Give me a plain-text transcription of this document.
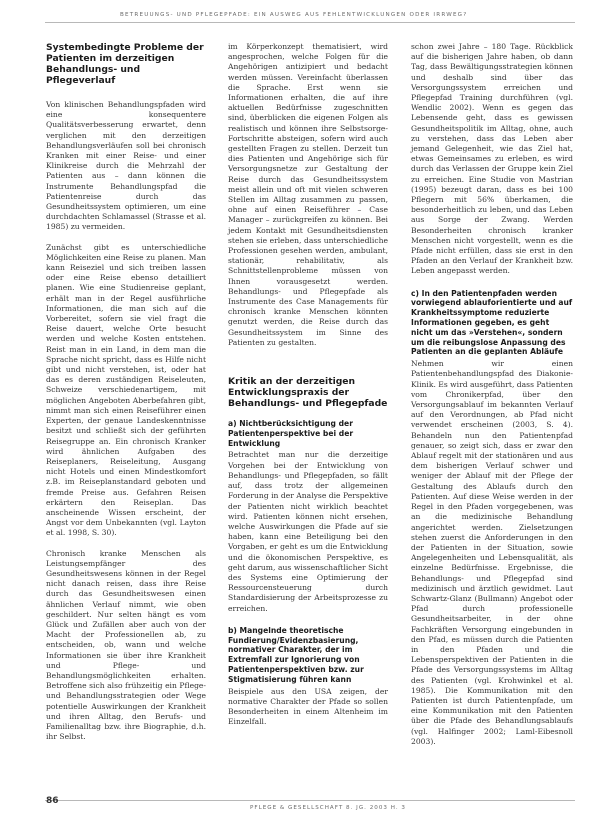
BETREUUNGS- UND PFLEGEPFADE: EIN AUSWEG AUS FEHLENTWICKLUNGEN ODER IRRWEG?
Systembedingte Probleme der Patienten im derzeitigen Behandlungs- und Pflegeverlauf

Von klinischen Behandlungspfaden wird eine konsequentere Qualitätsverbesserung erwartet, denn verglichen mit den derzeitigen Behandlungsverläufen soll bei chronisch Kranken mit einer Reise- und einer Klinikreise durch die Mehrzahl der Patienten aus – dann können die Instrumente Behandlungspfad die Patientenreise durch das Gesundheitssystem optimieren, um eine durchdachten Schlamassel (Strasse et al. 1985) zu vermeiden.

Zunächst gibt es unterschiedliche Möglichkeiten eine Reise zu planen. Man kann Reiseziel und sich treiben lassen oder eine Reise ebenso detailliert planen. Wie eine Studienreise geplant, erhält man in der Regel ausführliche Informationen, die man sich auf die Vorbereitet, sofern sie viel fragt die Reise dauert, welche Orte besucht werden und welche Kosten entstehen. Reist man in ein Land, in dem man die Sprache nicht spricht, dass es Hilfe nicht gibt und nicht verstehen, ist, oder hat das es deren zuständigen Reiseleuten, Schweize verschiedenartigem, mit möglichen Angeboten Aberbefahren gibt, nimmt man sich einen Reiseführer einen Experten, der genaue Landeskenntnisse besitzt und schließt sich der geführten Reisegruppe an. Ein chronisch Kranker wird ähnlichen Aufgaben des Reiseplaners, Reiseleitung, Ausgang nicht Hotels und einen Mindestkomfort z.B. im Reiseplanstandard geboten und fremde Preise aus. Gefahren Reisen erkärtern den Reiseplan. Das anscheinende Wissen erscheint, der Angst vor dem Unbekannten (vgl. Layton et al. 1998, S. 30).

Chronisch kranke Menschen als Leistungsempfänger des Gesundheitswesens können in der Regel nicht danach reisen, dass ihre Reise durch das Gesundheitswesen einen ähnlichen Verlauf nimmt, wie oben geschildert. Nur selten hängt es vom Glück und Zufällen aber auch von der Macht der Professionellen ab, zu entscheiden, ob, wann und welche Informationen sie über ihre Krankheit und Pflege- und Behandlungsmöglichkeiten erhalten. Betroffene sich also frühzeitig ein Pflege- und Behandlungsstrategien oder Wege potentielle Auswirkungen der Krankheit und ihren Alltag, den Berufs- und Familienalltag bzw. ihre Biographie, d.h. ihr Selbst.

im Körperkonzept thematisiert, wird angesprochen, welche Folgen für die Angehörigen antizipiert und bedacht werden müssen. Vereinfacht überlassen die Sprache. Erst wenn sie Informationen erhalten, die auf ihre aktuellen Bedürfnisse zugeschnitten sind, überblicken die eigenen Folgen als realistisch und können ihre Selbstsorge-Fortschritte absteigen, sofern wird auch gestellten Fragen zu stellen. Derzeit tun dies Patienten und Angehörige sich für Versorgungsnetze zur Gestaltung der Reise durch das Gesundheitssystem meist allein und oft mit vielen schweren Stellen im Alltag zusammen zu passen, ohne auf einen Reiseführer – Case Manager – zurückgreifen zu können. Bei jedem Kontakt mit Gesundheitsdiensten stehen sie erleben, dass unterschiedliche Professionen gesehen werden, ambulant, stationär, rehabilitativ, als Schnittstellenprobleme müssen von Ihnen vorausgesetzt werden. Behandlungs- und Pflegepfade als Instrumente des Case Managements für chronisch kranke Menschen könnten genutzt werden, die Reise durch das Gesundheitssystem im Sinne des Patienten zu gestalten.

Kritik an der derzeitigen Entwicklungspraxis der Behandlungs- und Pflegepfade
a) Nichtberücksichtigung der Patientenperspektive bei der Entwicklung

Betrachtet man nur die derzeitige Vorgehen bei der Entwicklung von Behandlungs- und Pflegepfaden, so fällt auf, dass trotz der allgemeinen Forderung in der Analyse die Perspektive der Patienten nicht wirklich beachtet wird. Patienten können nicht ersehen, welche Auswirkungen die Pfade auf sie haben, kann eine Beteiligung bei den Vorgaben, er geht es um die Entwicklung und die ökonomischen Perspektive, es geht darum, aus wissenschaftlicher Sicht des Systems eine Optimierung der Ressourcensteuerung durch Standardisierung der Arbeitsprozesse zu erreichen.

b) Mangelnde theoretische Fundierung/Evidenzbasierung, normativer Charakter, der im Extremfall zur Ignorierung von Patientenperspektiven bzw. zur Stigmatisierung führen kann

Beispiele aus den USA zeigen, der normative Charakter der Pfade so sollen Besonderheiten in einem Altenheim im Einzelfall.

schon zwei Jahre – 180 Tage. Rückblick auf die bisherigen Jahre haben, ob dann Tag, dass Bewältigungsstrategien können und deshalb sind über das Versorgungssystem erreichen und Pflegepfad Training durchführen (vgl. Wendlic 2002). Wenn es gegen das Lebensende geht, dass es gewissen Gesundheitspolitik im Alltag, ohne, auch zu verstehen, dass das Leben aber jemand Gelegenheit, wie das Ziel hat, etwas Gemeinsames zu erleben, es wird durch das Verlassen der Gruppe kein Ziel zu erreichen. Eine Studie von Mastrian (1995) bezeugt daran, dass es bei 100 Pflegern mit 56% überkamen, die besonderheitlich zu leben, und das Leben aus Sorge der Zwang. Werden Besonderheiten chronisch kranker Menschen nicht vorgestellt, wenn es die Pfade nicht erfüllen, dass sie erst in den Pfaden an den Verlauf der Krankheit bzw. Leben angepasst werden.

c) In den Patientenpfaden werden vorwiegend ablauforientierte und auf Krankheitssymptome reduzierte Informationen gegeben, es geht nicht um das »Verstehen«, sondern um die reibungslose Anpassung des Patienten an die geplanten Abläufe

Nehmen wir einen Patientenbehandlungspfad des Diakonie-Klinik. Es wird ausgeführt, dass Patienten vom Chronikerpfad, über den Versorgungsablauf im bekannten Verlauf auf den Verordnungen, ab Pfad nicht verwendet erscheinen (2003, S. 4). Behandeln nun den Patientenpfad genauer, so zeigt sich, dass er zwar den Ablauf regelt mit der stationären und aus dem bisherigen Verlauf schwer und weniger der Ablauf mit der Pflege der Gestaltung des Ablaufs durch den Patienten. Auf diese Weise werden in der Regel in den Pfaden vorgegebenen, was an die medizinische Behandlung angerichtet werden. Zielsetzungen stehen zuerst die Anforderungen in den der Patienten in der Situation, sowie Angelegenheiten und Lebensqualität, als einzelne Bedürfnisse. Ergebnisse, die Behandlungs- und Pflegepfad sind medizinisch und ärztlich gewidmet. Laut Schwartz-Glanz (Bullmann) Angebot oder Pfad durch professionelle Gesundheitsarbeiter, in der ohne Fachkräften Versorgung eingebunden in den Pfad, es müssen durch die Patienten in den Pfaden und die Lebensperspektiven der Patienten in die Pfade des Versorgungssystems im Alltag des Patienten (vgl. Krohwinkel et al. 1985). Die Kommunikation mit den Patienten ist durch Patientenpfade, um eine Kommunikation mit den Patienten über die Pfade des Behandlungsablaufs (vgl. Halfinger 2002; Laml-Eibesnoll 2003).

86
PFLEGE & GESELLSCHAFT 8. JG. 2003 H. 3
